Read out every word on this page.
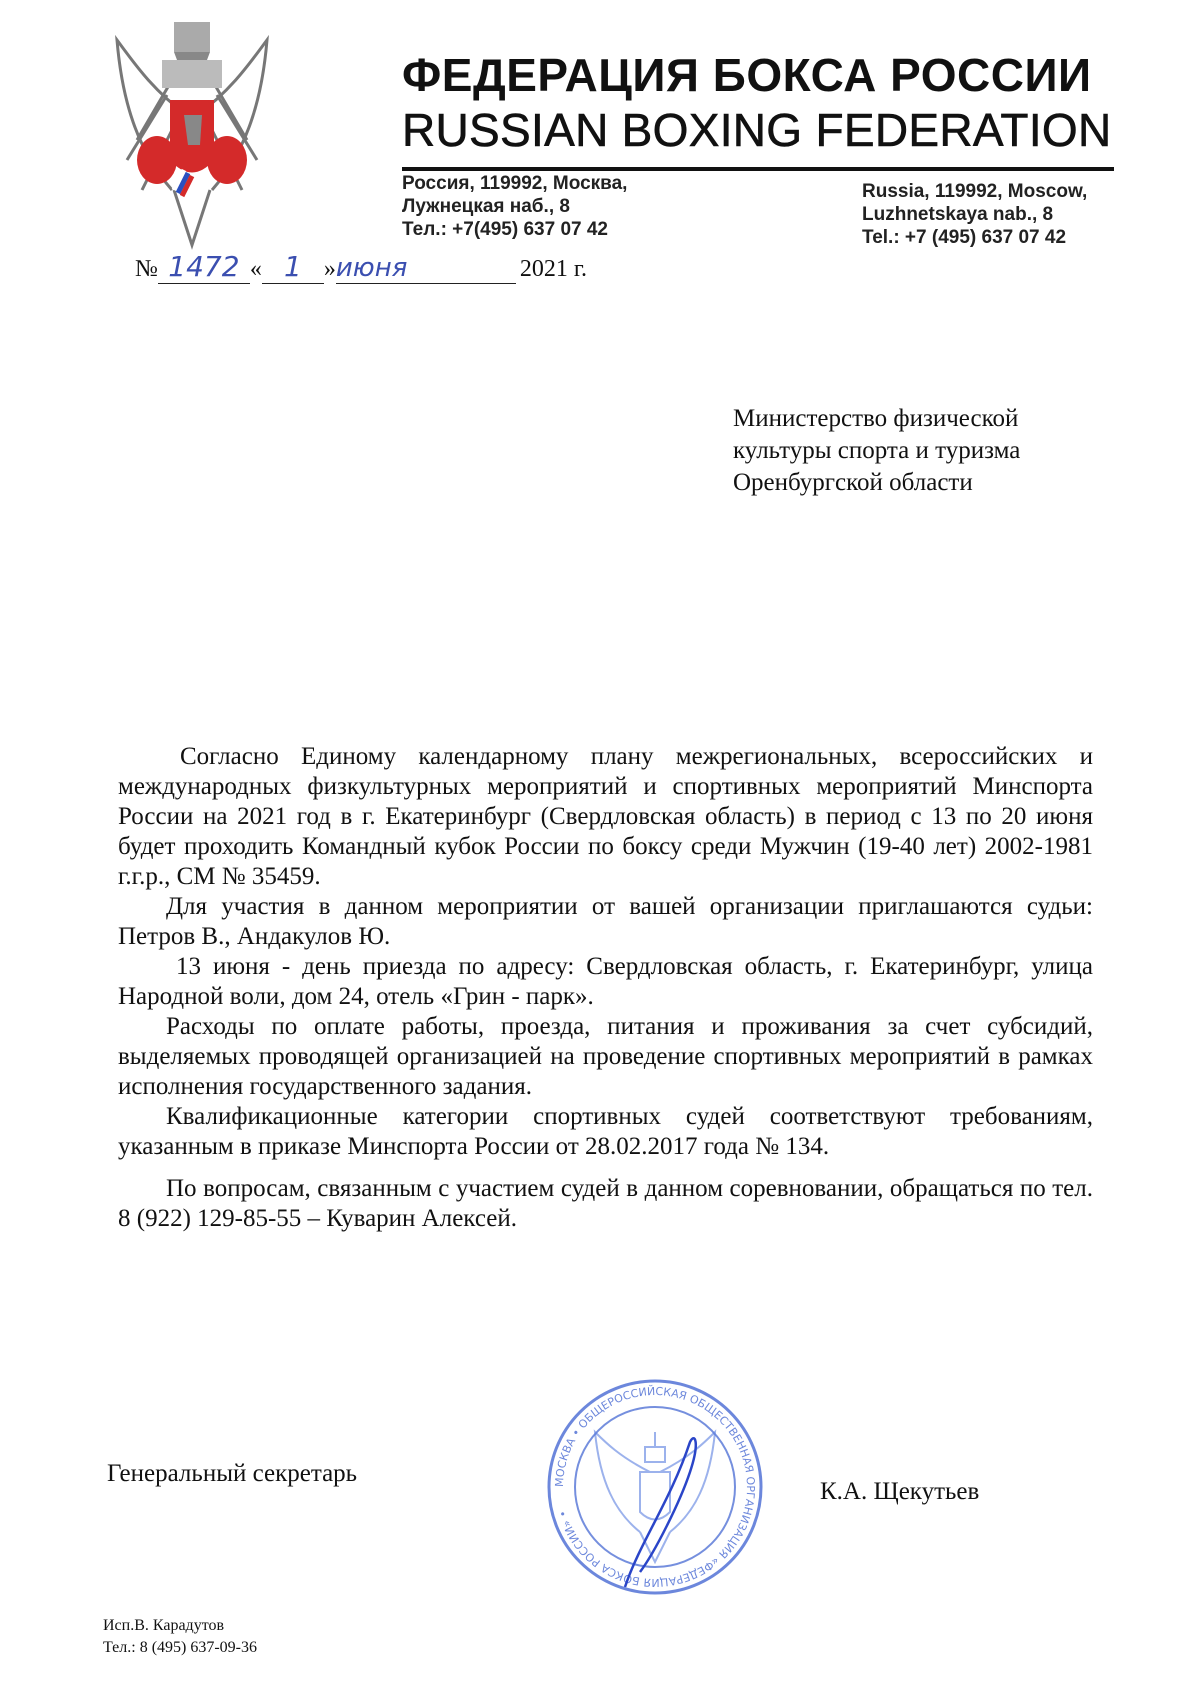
ФЕДЕРАЦИЯ БОКСА РОССИИ
RUSSIAN BOXING FEDERATION
Россия, 119992, Москва,
Лужнецкая наб., 8
Тел.: +7(495) 637 07 42
Russia, 119992, Moscow,
Luzhnetskaya nab., 8
Tel.: +7 (495) 637 07 42
№ 1472 « 1 »июня	2021 г.
Министерство физической
культуры спорта и туризма
Оренбургской области

Согласно Единому календарному плану межрегиональных, всероссийских и международных физкультурных мероприятий и спортивных мероприятий Минспорта России на 2021 год в г. Екатеринбург (Свердловская область) в период с 13 по 20 июня будет проходить Командный кубок России по боксу среди Мужчин (19-40 лет) 2002-1981 г.г.р., СМ № 35459.

Для участия в данном мероприятии от вашей организации приглашаются судьи: Петров В., Андакулов Ю.

13 июня - день приезда по адресу: Свердловская область, г. Екатеринбург, улица Народной воли, дом 24, отель «Грин - парк».

Расходы по оплате работы, проезда, питания и проживания за счет субсидий, выделяемых проводящей организацией на проведение спортивных мероприятий в рамках исполнения государственного задания.

Квалификационные категории спортивных судей соответствуют требованиям, указанным в приказе Минспорта России от 28.02.2017 года № 134.

По вопросам, связанным с участием судей в данном соревновании, обращаться по тел. 8 (922) 129-85-55 – Куварин Алексей.

Генеральный секретарь
К.А. Щекутьев
МОСКВА • ОБЩЕРОССИЙСКАЯ ОБЩЕСТВЕННАЯ ОРГАНИЗАЦИЯ «ФЕДЕРАЦИЯ БОКСА РОССИИ» •
Исп.В. Карадутов
Тел.: 8 (495) 637-09-36
